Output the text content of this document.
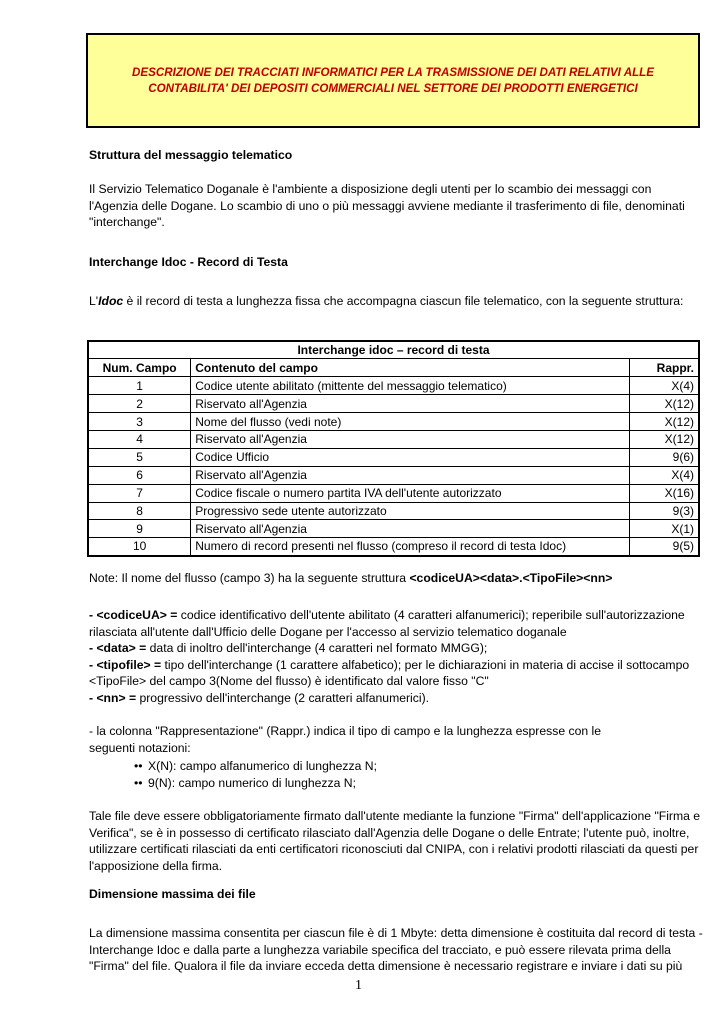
DESCRIZIONE DEI TRACCIATI INFORMATICI PER LA TRASMISSIONE DEI DATI RELATIVI ALLE
CONTABILITA' DEI DEPOSITI COMMERCIALI NEL SETTORE DEI PRODOTTI ENERGETICI
Struttura del messaggio telematico
Il Servizio Telematico Doganale è l'ambiente a disposizione degli utenti per lo scambio dei messaggi con l'Agenzia delle Dogane. Lo scambio di uno o più messaggi avviene mediante il trasferimento di file, denominati "interchange".
Interchange Idoc - Record di Testa
L'Idoc è il record di testa a lunghezza fissa che accompagna ciascun file telematico, con la seguente struttura:
Interchange idoc – record di testa		
Num. Campo	Contenuto del campo	Rappr.
1	Codice utente abilitato (mittente del messaggio telematico)	X(4)
2	Riservato all'Agenzia	X(12)
3	Nome del flusso (vedi note)	X(12)
4	Riservato all'Agenzia	X(12)
5	Codice Ufficio	9(6)
6	Riservato all'Agenzia	X(4)
7	Codice fiscale o numero partita IVA dell'utente autorizzato	X(16)
8	Progressivo sede utente autorizzato	9(3)
9	Riservato all'Agenzia	X(1)
10	Numero di record presenti nel flusso (compreso il record di testa Idoc)	9(5)
Note: Il nome del flusso (campo 3) ha la seguente struttura <codiceUA><data>.<TipoFile><nn>
- <codiceUA> = codice identificativo dell'utente abilitato (4 caratteri alfanumerici); reperibile sull'autorizzazione rilasciata all'utente dall'Ufficio delle Dogane per l'accesso al servizio telematico doganale
- <data> = data di inoltro dell'interchange (4 caratteri nel formato MMGG);
- <tipofile> = tipo dell'interchange (1 carattere alfabetico); per le dichiarazioni in materia di accise il sottocampo <TipoFile> del campo 3(Nome del flusso) è identificato dal valore fisso "C"
- <nn> = progressivo dell'interchange (2 caratteri alfanumerici).
- la colonna "Rappresentazione" (Rappr.) indica il tipo di campo e la lunghezza espresse con le seguenti notazioni:
•• X(N): campo alfanumerico di lunghezza N;
•• 9(N): campo numerico di lunghezza N;
Tale file deve essere obbligatoriamente firmato dall'utente mediante la funzione "Firma" dell'applicazione "Firma e Verifica", se è in possesso di certificato rilasciato dall'Agenzia delle Dogane o delle Entrate; l'utente può, inoltre, utilizzare certificati rilasciati da enti certificatori riconosciuti dal CNIPA, con i relativi prodotti rilasciati da questi per l'apposizione della firma.
Dimensione massima dei file
La dimensione massima consentita per ciascun file è di 1 Mbyte: detta dimensione è costituita dal record di testa - Interchange Idoc e dalla parte a lunghezza variabile specifica del tracciato, e può essere rilevata prima della "Firma" del file. Qualora il file da inviare ecceda detta dimensione è necessario registrare e inviare i dati su più
1
